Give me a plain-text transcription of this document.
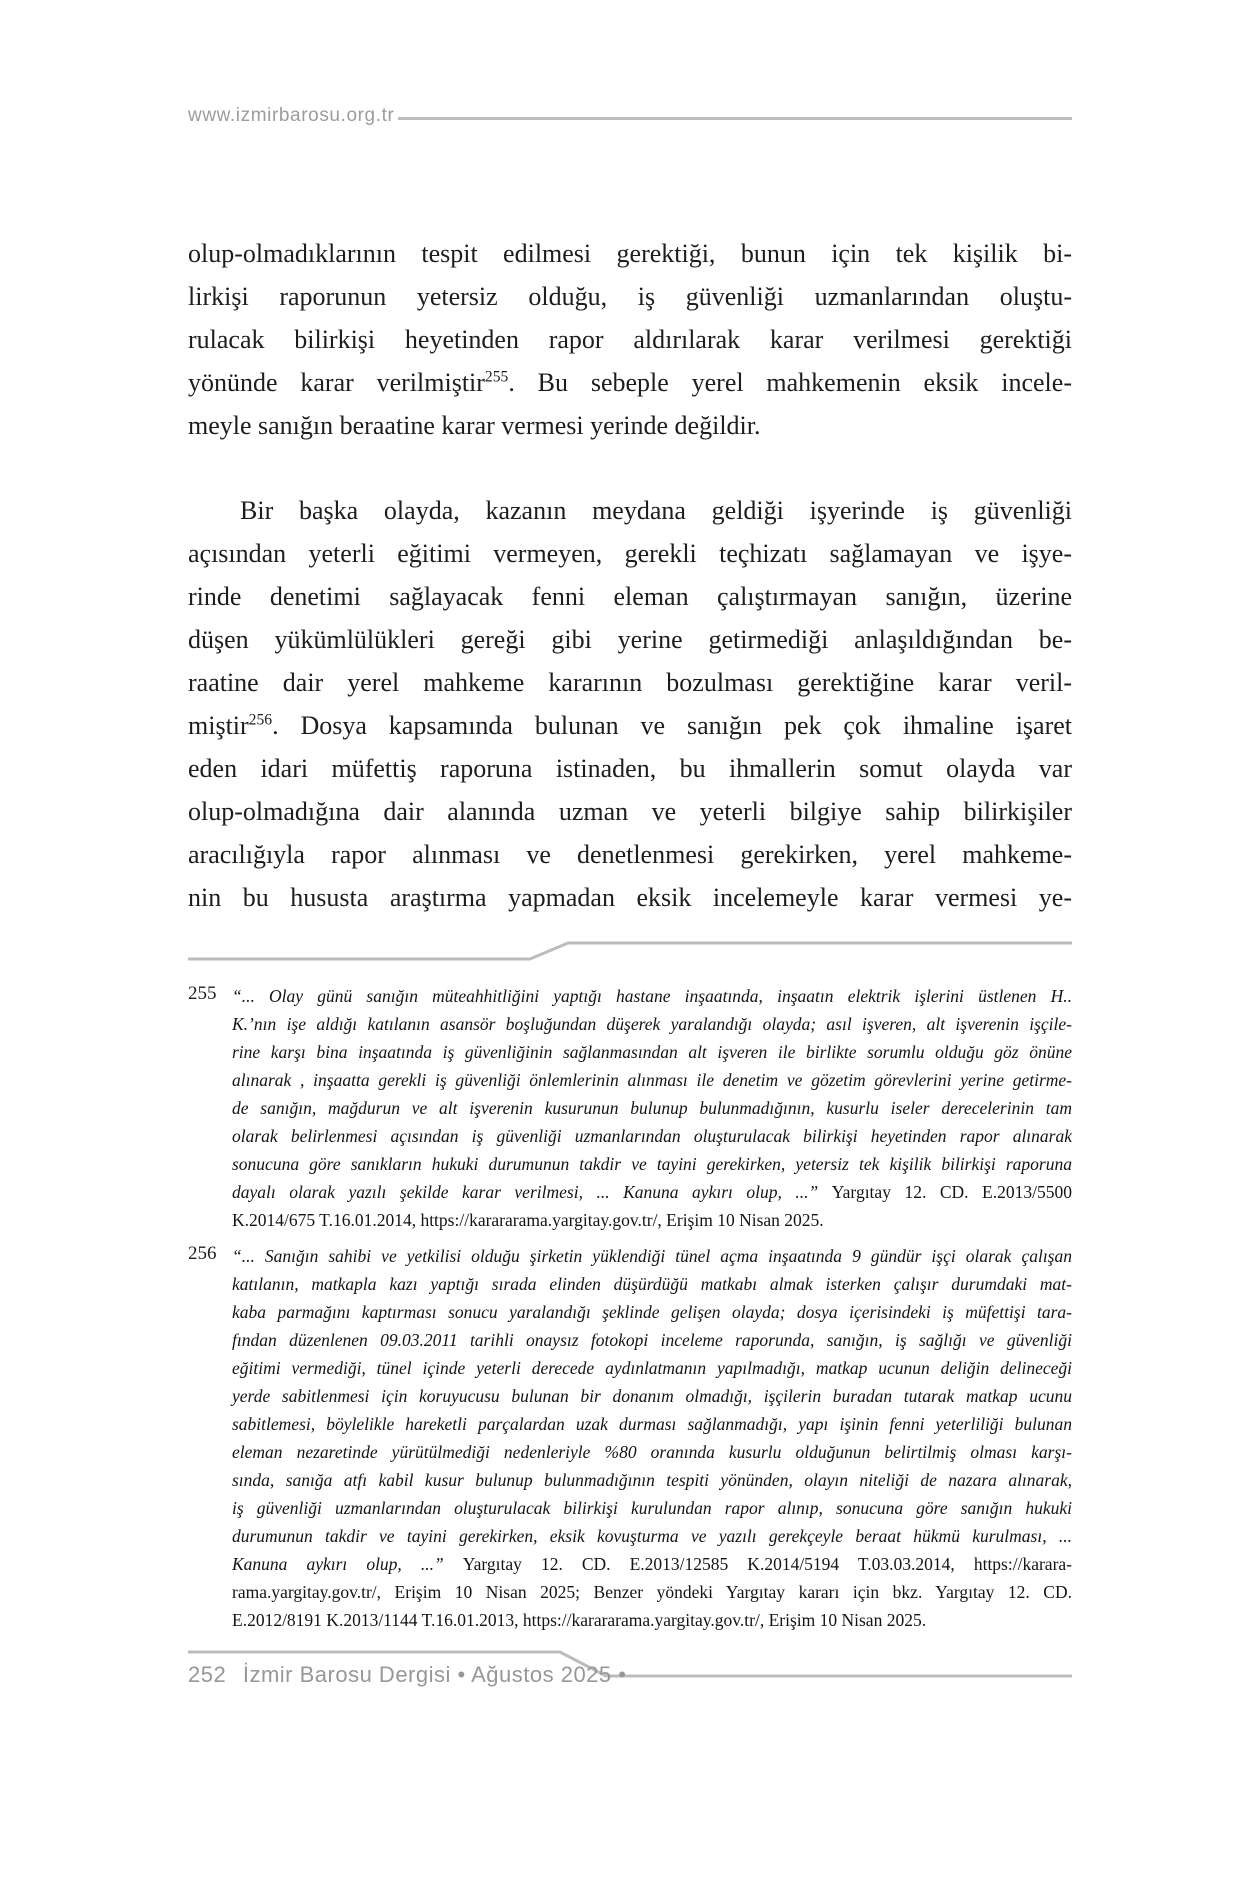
www.izmirbarosu.org.tr
olup-olmadıklarının tespit edilmesi gerektiği, bunun için tek kişilik bi-
lirkişi raporunun yetersiz olduğu, iş güvenliği uzmanlarından oluştu-
rulacak bilirkişi heyetinden rapor aldırılarak karar verilmesi gerektiği
yönünde karar verilmiştir$^{255}$. Bu sebeple yerel mahkemenin eksik incele-
meyle sanığın beraatine karar vermesi yerinde değildir.
Bir başka olayda, kazanın meydana geldiği işyerinde iş güvenliği
açısından yeterli eğitimi vermeyen, gerekli teçhizatı sağlamayan ve işye-
rinde denetimi sağlayacak fenni eleman çalıştırmayan sanığın, üzerine
düşen yükümlülükleri gereği gibi yerine getirmediği anlaşıldığından be-
raatine dair yerel mahkeme kararının bozulması gerektiğine karar veril-
miştir$^{256}$. Dosya kapsamında bulunan ve sanığın pek çok ihmaline işaret
eden idari müfettiş raporuna istinaden, bu ihmallerin somut olayda var
olup-olmadığına dair alanında uzman ve yeterli bilgiye sahip bilirkişiler
aracılığıyla rapor alınması ve denetlenmesi gerekirken, yerel mahkeme-
nin bu hususta araştırma yapmadan eksik incelemeyle karar vermesi ye-
255 “... Olay günü sanığın müteahhitliğini yaptığı hastane inşaatında, inşaatın elektrik işlerini üstlenen H..
K.’nın işe aldığı katılanın asansör boşluğundan düşerek yaralandığı olayda; asıl işveren, alt işverenin işçile-
rine karşı bina inşaatında iş güvenliğinin sağlanmasından alt işveren ile birlikte sorumlu olduğu göz önüne
alınarak , inşaatta gerekli iş güvenliği önlemlerinin alınması ile denetim ve gözetim görevlerini yerine getirme-
de sanığın, mağdurun ve alt işverenin kusurunun bulunup bulunmadığının, kusurlu iseler derecelerinin tam
olarak belirlenmesi açısından iş güvenliği uzmanlarından oluşturulacak bilirkişi heyetinden rapor alınarak
sonucuna göre sanıkların hukuki durumunun takdir ve tayini gerekirken, yetersiz tek kişilik bilirkişi raporuna
dayalı olarak yazılı şekilde karar verilmesi, ... Kanuna aykırı olup, ...” Yargıtay 12. CD. E.2013/5500
K.2014/675 T.16.01.2014, https://karararama.yargitay.gov.tr/, Erişim 10 Nisan 2025.
256 “... Sanığın sahibi ve yetkilisi olduğu şirketin yüklendiği tünel açma inşaatında 9 gündür işçi olarak çalışan
katılanın, matkapla kazı yaptığı sırada elinden düşürdüğü matkabı almak isterken çalışır durumdaki mat-
kaba parmağını kaptırması sonucu yaralandığı şeklinde gelişen olayda; dosya içerisindeki iş müfettişi tara-
fından düzenlenen 09.03.2011 tarihli onaysız fotokopi inceleme raporunda, sanığın, iş sağlığı ve güvenliği
eğitimi vermediği, tünel içinde yeterli derecede aydınlatmanın yapılmadığı, matkap ucunun deliğin delineceği
yerde sabitlenmesi için koruyucusu bulunan bir donanım olmadığı, işçilerin buradan tutarak matkap ucunu
sabitlemesi, böylelikle hareketli parçalardan uzak durması sağlanmadığı, yapı işinin fenni yeterliliği bulunan
eleman nezaretinde yürütülmediği nedenleriyle %80 oranında kusurlu olduğunun belirtilmiş olması karşı-
sında, sanığa atfı kabil kusur bulunup bulunmadığının tespiti yönünden, olayın niteliği de nazara alınarak,
iş güvenliği uzmanlarından oluşturulacak bilirkişi kurulundan rapor alınıp, sonucuna göre sanığın hukuki
durumunun takdir ve tayini gerekirken, eksik kovuşturma ve yazılı gerekçeyle beraat hükmü kurulması, ...
Kanuna aykırı olup, ...” Yargıtay 12. CD. E.2013/12585 K.2014/5194 T.03.03.2014, https://karara-
rama.yargitay.gov.tr/, Erişim 10 Nisan 2025; Benzer yöndeki Yargıtay kararı için bkz. Yargıtay 12. CD.
E.2012/8191 K.2013/1144 T.16.01.2013, https://karararama.yargitay.gov.tr/, Erişim 10 Nisan 2025.
252 İzmir Barosu Dergisi • Ağustos 2025 •
